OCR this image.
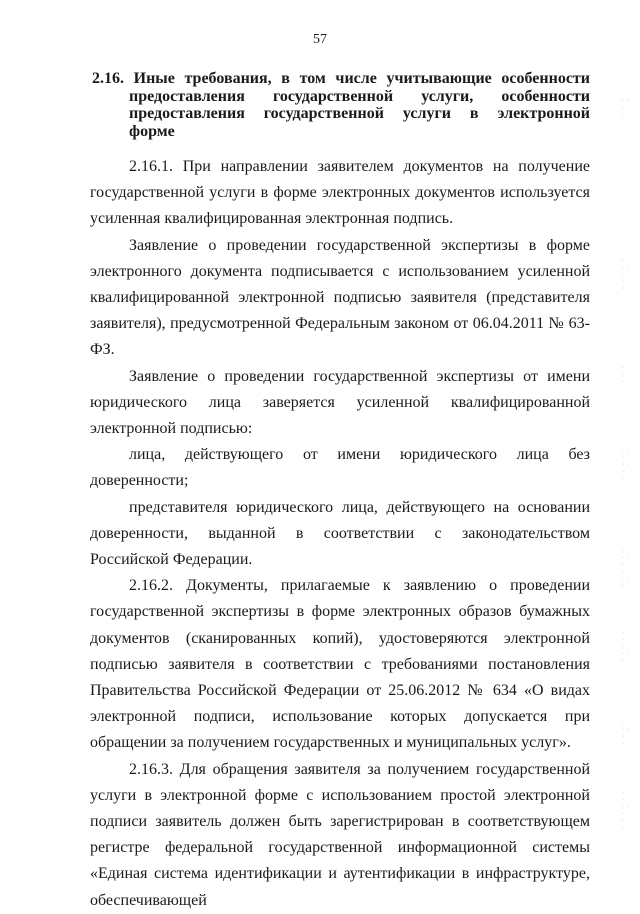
57
2.16. Иные требования, в том числе учитывающие особенности
предоставления государственной услуги, особенности
предоставления государственной услуги в электронной
форме

2.16.1. При направлении заявителем документов на получение государственной услуги в форме электронных документов используется усиленная квалифицированная электронная подпись.

Заявление о проведении государственной экспертизы в форме электронного документа подписывается с использованием усиленной квалифицированной электронной подписью заявителя (представителя заявителя), предусмотренной Федеральным законом от 06.04.2011 № 63-ФЗ.

Заявление о проведении государственной экспертизы от имени юридического лица заверяется усиленной квалифицированной электронной подписью:

лица, действующего от имени юридического лица без доверенности;

представителя юридического лица, действующего на основании доверенности, выданной в соответствии с законодательством Российской Федерации.

2.16.2. Документы, прилагаемые к заявлению о проведении государственной экспертизы в форме электронных образов бумажных документов (сканированных копий), удостоверяются электронной подписью заявителя в соответствии с требованиями постановления Правительства Российской Федерации от 25.06.2012 № 634 «О видах электронной подписи, использование которых допускается при обращении за получением государственных и муниципальных услуг».

2.16.3. Для обращения заявителя за получением государственной услуги в электронной форме с использованием простой электронной подписи заявитель должен быть зарегистрирован в соответствующем регистре федеральной государственной информационной системы «Единая система идентификации и аутентификации в инфраструктуре, обеспечивающей

· ·
·
·
·
· ·
·
·
·
·
·
·
· ·
·
· ·
·
·
·
· ·
·
·
· ·
·
·
·
·
· ·
·
·
· ·
·
·
·
·
· ·
·
·
·
